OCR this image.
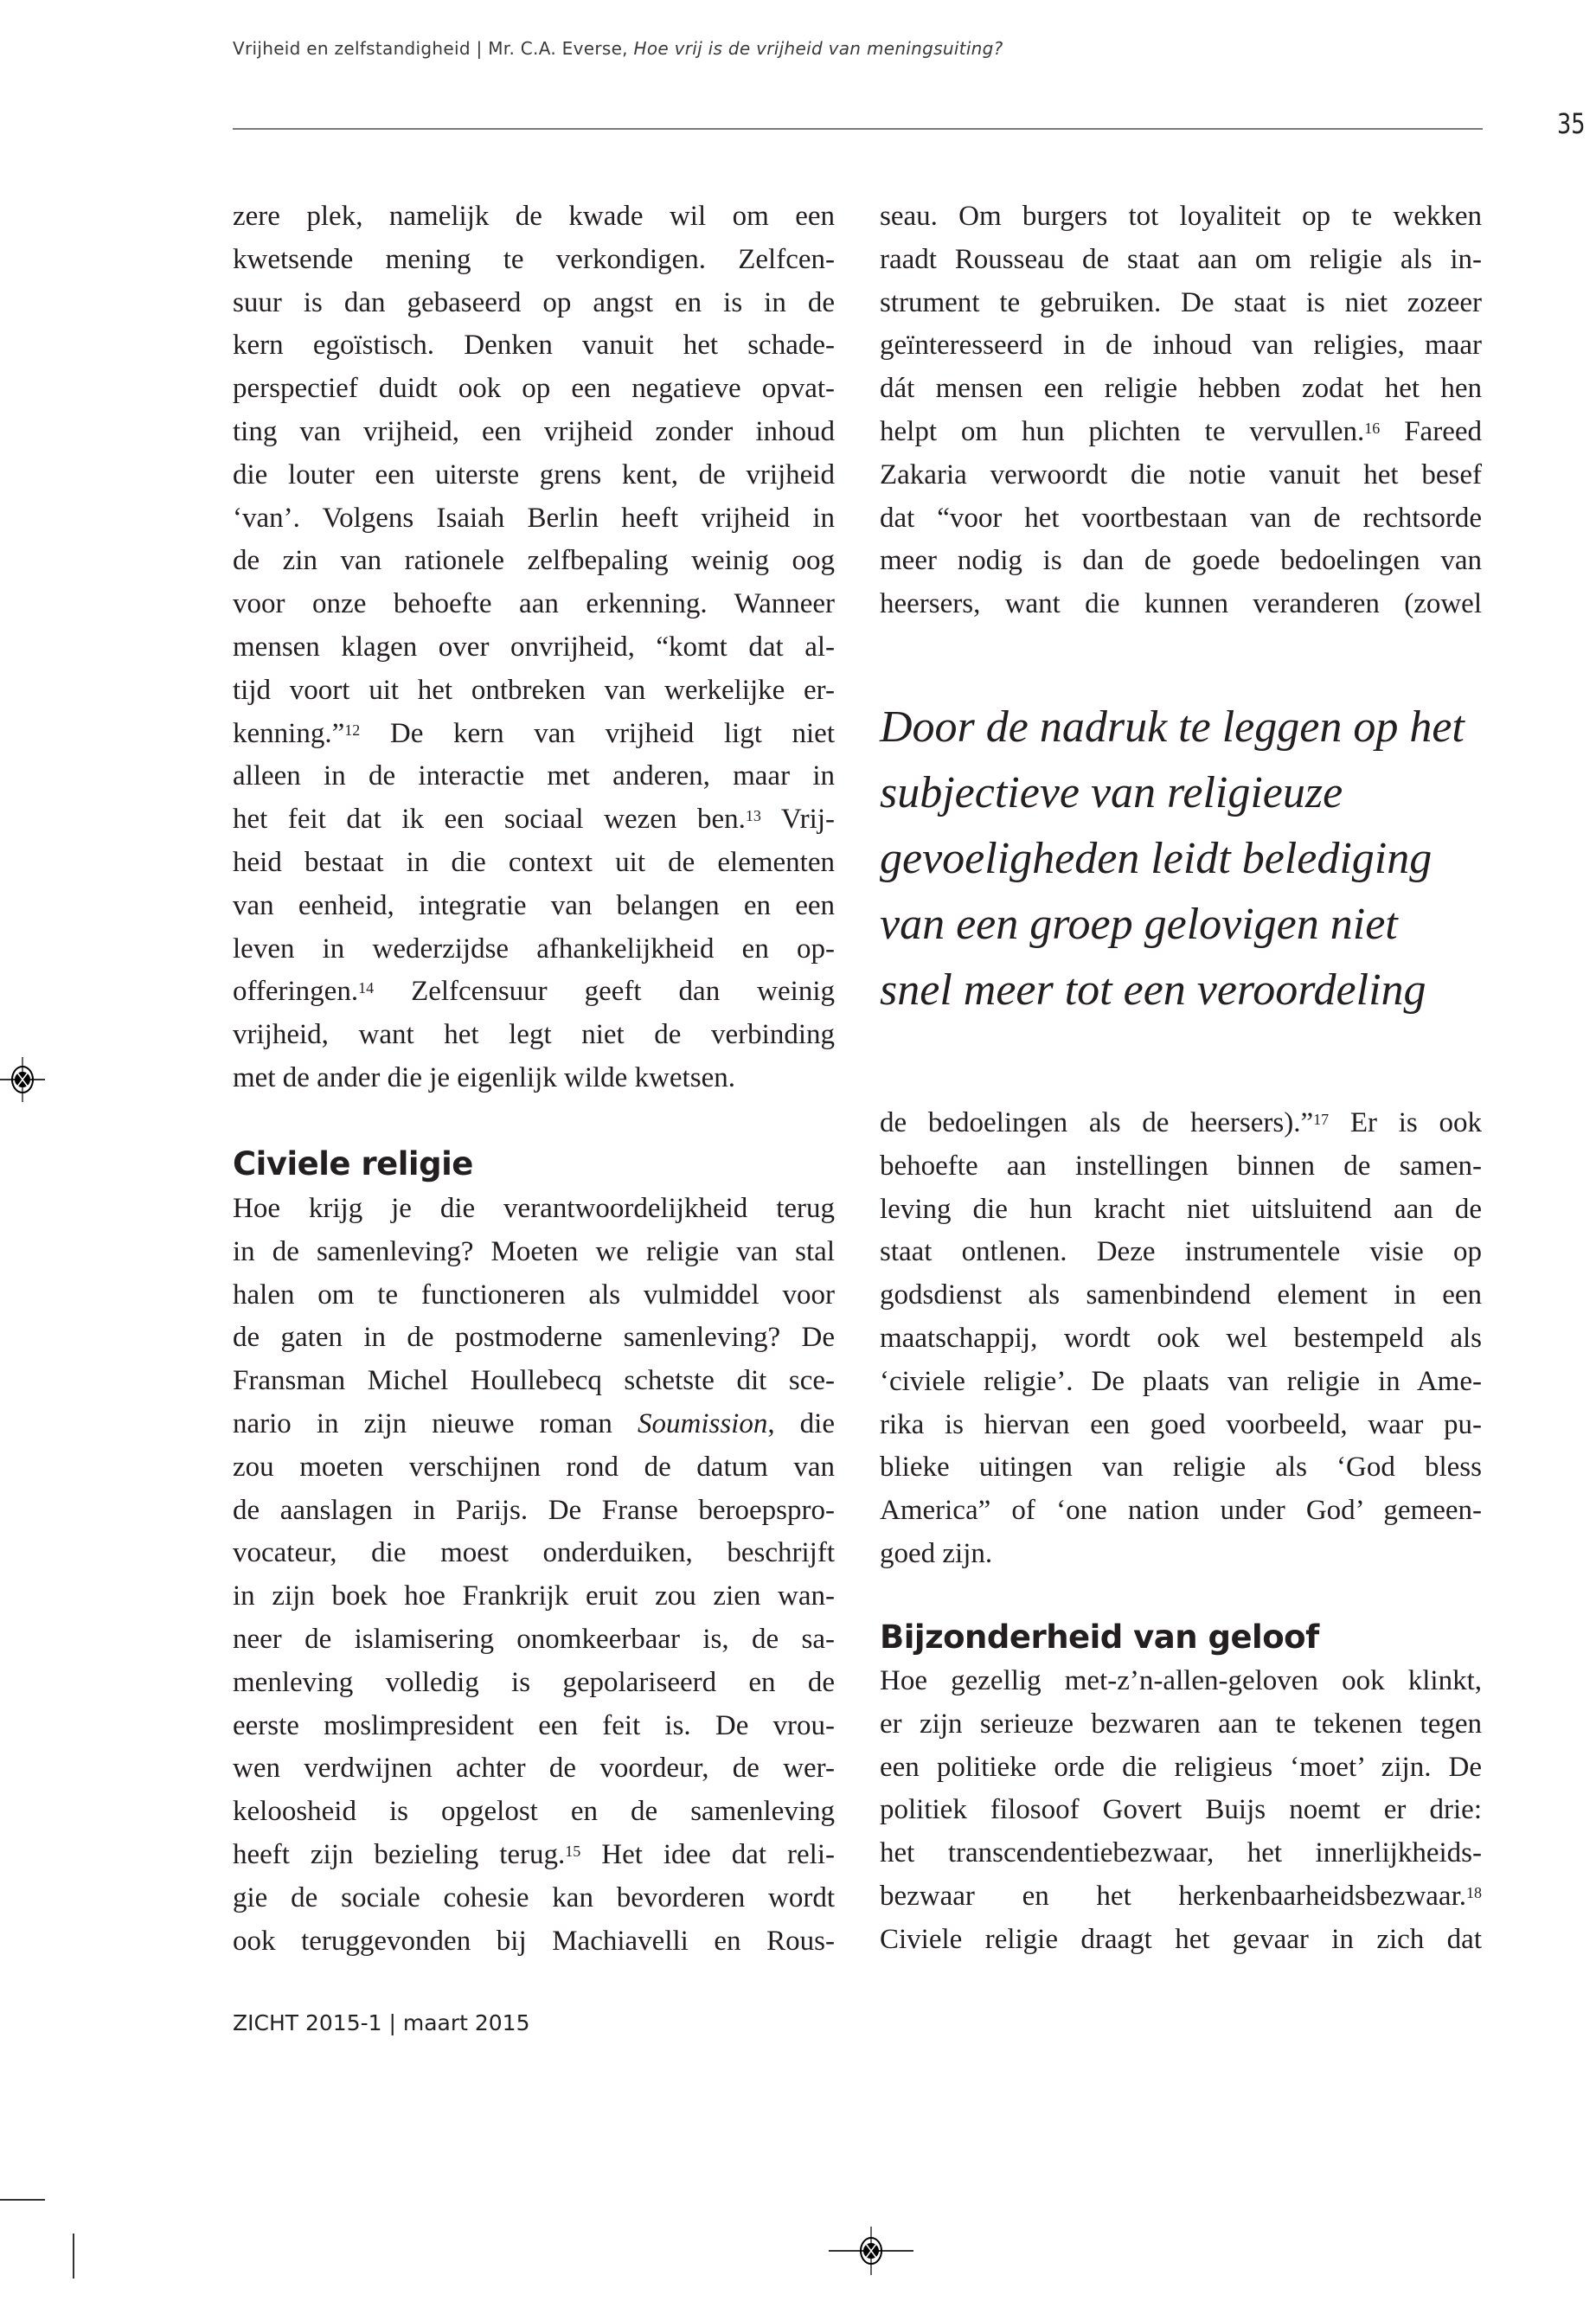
Vrijheid en zelfstandigheid | Mr. C.A. Everse, Hoe vrij is de vrijheid van meningsuiting?
35
zere plek, namelijk de kwade wil om een
kwetsende mening te verkondigen. Zelfcen-
suur is dan gebaseerd op angst en is in de
kern egoïstisch. Denken vanuit het schade-
perspectief duidt ook op een negatieve opvat-
ting van vrijheid, een vrijheid zonder inhoud
die louter een uiterste grens kent, de vrijheid
‘van’. Volgens Isaiah Berlin heeft vrijheid in
de zin van rationele zelfbepaling weinig oog
voor onze behoefte aan erkenning. Wanneer
mensen klagen over onvrijheid, “komt dat al-
tijd voort uit het ontbreken van werkelijke er-
kenning.”$^{12}$ De kern van vrijheid ligt niet
alleen in de interactie met anderen, maar in
het feit dat ik een sociaal wezen ben.$^{13}$ Vrij-
heid bestaat in die context uit de elementen
van eenheid, integratie van belangen en een
leven in wederzijdse afhankelijkheid en op-
offeringen.$^{14}$ Zelfcensuur geeft dan weinig
vrijheid, want het legt niet de verbinding
met de ander die je eigenlijk wilde kwetsen.
Civiele religie
Hoe krijg je die verantwoordelijkheid terug
in de samenleving? Moeten we religie van stal
halen om te functioneren als vulmiddel voor
de gaten in de postmoderne samenleving? De
Fransman Michel Houllebecq schetste dit sce-
nario in zijn nieuwe roman Soumission, die
zou moeten verschijnen rond de datum van
de aanslagen in Parijs. De Franse beroepspro-
vocateur, die moest onderduiken, beschrijft
in zijn boek hoe Frankrijk eruit zou zien wan-
neer de islamisering onomkeerbaar is, de sa-
menleving volledig is gepolariseerd en de
eerste moslimpresident een feit is. De vrou-
wen verdwijnen achter de voordeur, de wer-
keloosheid is opgelost en de samenleving
heeft zijn bezieling terug.$^{15}$ Het idee dat reli-
gie de sociale cohesie kan bevorderen wordt
ook teruggevonden bij Machiavelli en Rous-
seau. Om burgers tot loyaliteit op te wekken
raadt Rousseau de staat aan om religie als in-
strument te gebruiken. De staat is niet zozeer
geïnteresseerd in de inhoud van religies, maar
dát mensen een religie hebben zodat het hen
helpt om hun plichten te vervullen.$^{16}$ Fareed
Zakaria verwoordt die notie vanuit het besef
dat “voor het voortbestaan van de rechtsorde
meer nodig is dan de goede bedoelingen van
heersers, want die kunnen veranderen (zowel
Door de nadruk te leggen op het
subjectieve van religieuze
gevoeligheden leidt belediging
van een groep gelovigen niet
snel meer tot een veroordeling
de bedoelingen als de heersers).”$^{17}$ Er is ook
behoefte aan instellingen binnen de samen-
leving die hun kracht niet uitsluitend aan de
staat ontlenen. Deze instrumentele visie op
godsdienst als samenbindend element in een
maatschappij, wordt ook wel bestempeld als
‘civiele religie’. De plaats van religie in Ame-
rika is hiervan een goed voorbeeld, waar pu-
blieke uitingen van religie als ‘God bless
America” of ‘one nation under God’ gemeen-
goed zijn.
Bijzonderheid van geloof
Hoe gezellig met-z’n-allen-geloven ook klinkt,
er zijn serieuze bezwaren aan te tekenen tegen
een politieke orde die religieus ‘moet’ zijn. De
politiek filosoof Govert Buijs noemt er drie:
het transcendentiebezwaar, het innerlijkheids-
bezwaar en het herkenbaarheidsbezwaar.$^{18}$
Civiele religie draagt het gevaar in zich dat
ZICHT 2015-1 | maart 2015
